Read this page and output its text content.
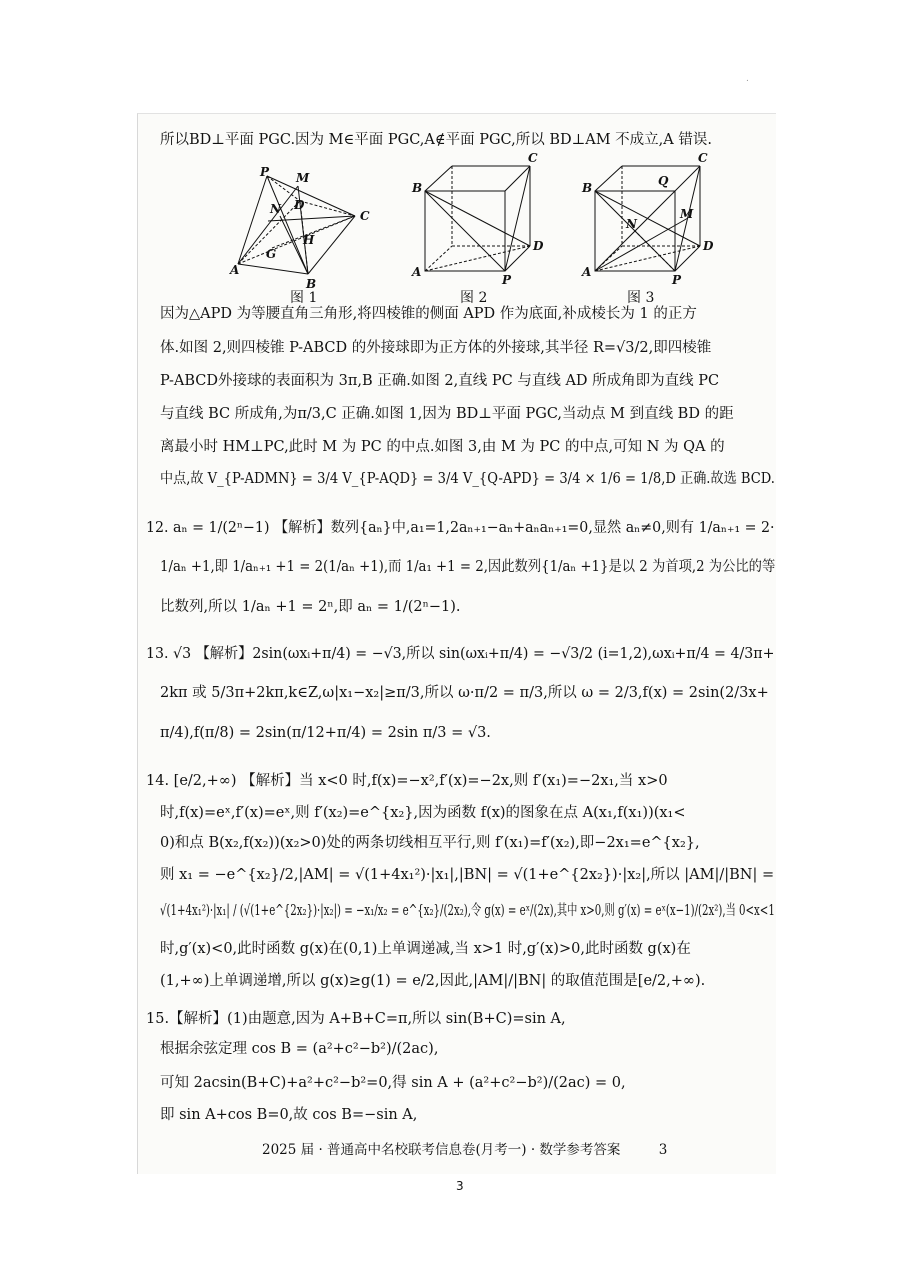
.
所以BD⊥平面 PGC.因为 M∈平面 PGC,A∉平面 PGC,所以 BD⊥AM 不成立,A 错误.
P M
N D
C
G
H
A
B
B
C
D
A
P
B
C
Q
M
N
D
A
P
图 1	图 2	图 3
因为△APD 为等腰直角三角形,将四棱锥的侧面 APD 作为底面,补成棱长为 1 的正方
体.如图 2,则四棱锥 P-ABCD 的外接球即为正方体的外接球,其半径 R=√3/2,即四棱锥
P-ABCD外接球的表面积为 3π,B 正确.如图 2,直线 PC 与直线 AD 所成角即为直线 PC
与直线 BC 所成角,为π/3,C 正确.如图 1,因为 BD⊥平面 PGC,当动点 M 到直线 BD 的距
离最小时 HM⊥PC,此时 M 为 PC 的中点.如图 3,由 M 为 PC 的中点,可知 N 为 QA 的
中点,故 V_{P-ADMN} = 3/4 V_{P-AQD} = 3/4 V_{Q-APD} = 3/4 × 1/6 = 1/8,D 正确.故选 BCD.
12. aₙ = 1/(2ⁿ−1) 【解析】数列{aₙ}中,a₁=1,2aₙ₊₁−aₙ+aₙaₙ₊₁=0,显然 aₙ≠0,则有 1/aₙ₊₁ = 2·
1/aₙ +1,即 1/aₙ₊₁ +1 = 2(1/aₙ +1),而 1/a₁ +1 = 2,因此数列{1/aₙ +1}是以 2 为首项,2 为公比的等
比数列,所以 1/aₙ +1 = 2ⁿ,即 aₙ = 1/(2ⁿ−1).
13. √3 【解析】2sin(ωxᵢ+π/4) = −√3,所以 sin(ωxᵢ+π/4) = −√3/2 (i=1,2),ωxᵢ+π/4 = 4/3π+
2kπ 或 5/3π+2kπ,k∈Z,ω|x₁−x₂|≥π/3,所以 ω·π/2 = π/3,所以 ω = 2/3,f(x) = 2sin(2/3x+
π/4),f(π/8) = 2sin(π/12+π/4) = 2sin π/3 = √3.
14. [e/2,+∞) 【解析】当 x<0 时,f(x)=−x²,f′(x)=−2x,则 f′(x₁)=−2x₁,当 x>0
时,f(x)=eˣ,f′(x)=eˣ,则 f′(x₂)=e^{x₂},因为函数 f(x)的图象在点 A(x₁,f(x₁))(x₁<
0)和点 B(x₂,f(x₂))(x₂>0)处的两条切线相互平行,则 f′(x₁)=f′(x₂),即−2x₁=e^{x₂},
则 x₁ = −e^{x₂}/2,|AM| = √(1+4x₁²)·|x₁|,|BN| = √(1+e^{2x₂})·|x₂|,所以 |AM|/|BN| =
√(1+4x₁²)·|x₁| / (√(1+e^{2x₂})·|x₂|) = −x₁/x₂ = e^{x₂}/(2x₂),令 g(x) = eˣ/(2x),其中 x>0,则 g′(x) = eˣ(x−1)/(2x²),当 0<x<1
时,g′(x)<0,此时函数 g(x)在(0,1)上单调递减,当 x>1 时,g′(x)>0,此时函数 g(x)在
(1,+∞)上单调递增,所以 g(x)≥g(1) = e/2,因此,|AM|/|BN| 的取值范围是[e/2,+∞).
15.【解析】(1)由题意,因为 A+B+C=π,所以 sin(B+C)=sin A,
根据余弦定理 cos B = (a²+c²−b²)/(2ac),
可知 2acsin(B+C)+a²+c²−b²=0,得 sin A + (a²+c²−b²)/(2ac) = 0,
即 sin A+cos B=0,故 cos B=−sin A,
2025 届 · 普通高中名校联考信息卷(月考一) · 数学参考答案	3
3
